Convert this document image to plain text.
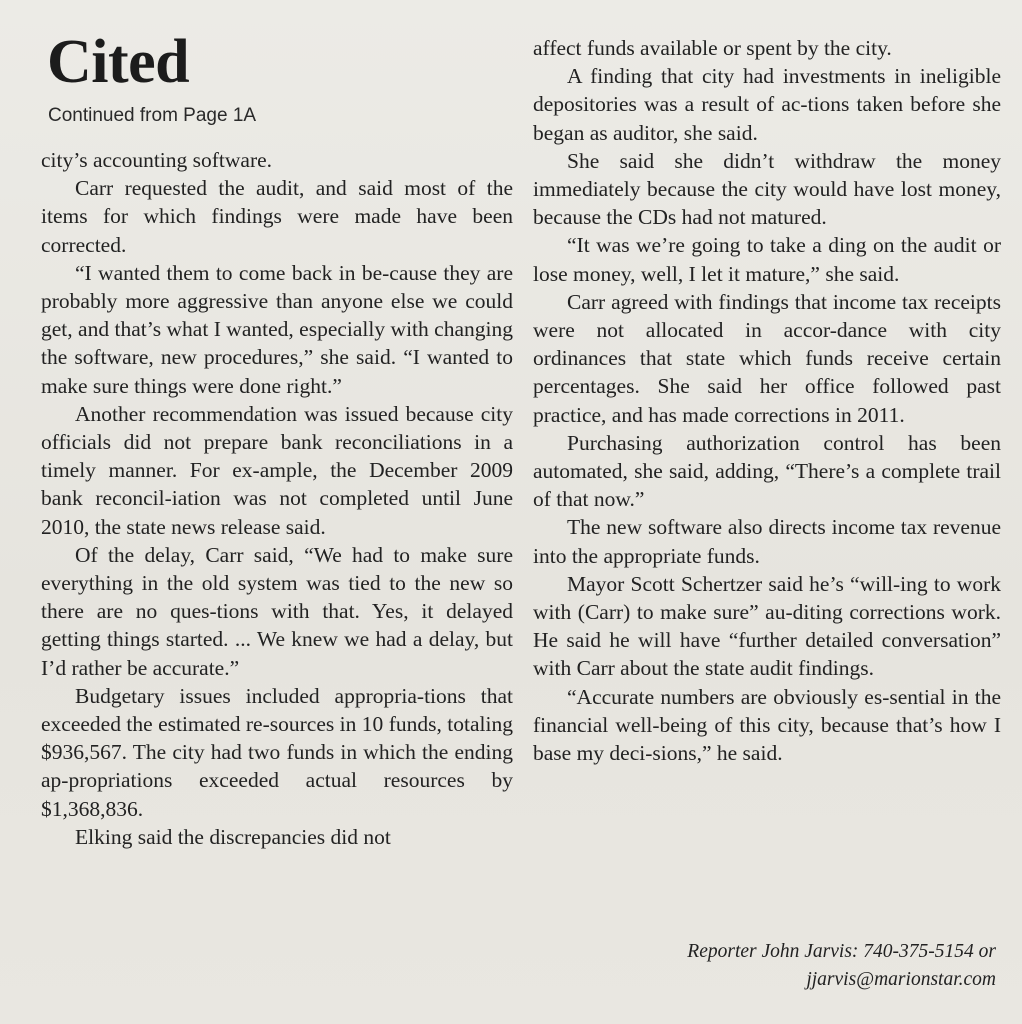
Cited
Continued from Page 1A

city’s accounting software.

Carr requested the audit, and said most of the items for which findings were made have been corrected.

“I wanted them to come back in be-cause they are probably more aggressive than anyone else we could get, and that’s what I wanted, especially with changing the software, new procedures,” she said. “I wanted to make sure things were done right.”

Another recommendation was issued because city officials did not prepare bank reconciliations in a timely manner. For ex-ample, the December 2009 bank reconcil-iation was not completed until June 2010, the state news release said.

Of the delay, Carr said, “We had to make sure everything in the old system was tied to the new so there are no ques-tions with that. Yes, it delayed getting things started. ... We knew we had a delay, but I’d rather be accurate.”

Budgetary issues included appropria-tions that exceeded the estimated re-sources in 10 funds, totaling $936,567. The city had two funds in which the ending ap-propriations exceeded actual resources by $1,368,836.

Elking said the discrepancies did not

affect funds available or spent by the city.

A finding that city had investments in ineligible depositories was a result of ac-tions taken before she began as auditor, she said.

She said she didn’t withdraw the money immediately because the city would have lost money, because the CDs had not matured.

“It was we’re going to take a ding on the audit or lose money, well, I let it mature,” she said.

Carr agreed with findings that income tax receipts were not allocated in accor-dance with city ordinances that state which funds receive certain percentages. She said her office followed past practice, and has made corrections in 2011.

Purchasing authorization control has been automated, she said, adding, “There’s a complete trail of that now.”

The new software also directs income tax revenue into the appropriate funds.

Mayor Scott Schertzer said he’s “will-ing to work with (Carr) to make sure” au-diting corrections work. He said he will have “further detailed conversation” with Carr about the state audit findings.

“Accurate numbers are obviously es-sential in the financial well-being of this city, because that’s how I base my deci-sions,” he said.

Reporter John Jarvis: 740-375-5154 or
jjarvis@marionstar.com
